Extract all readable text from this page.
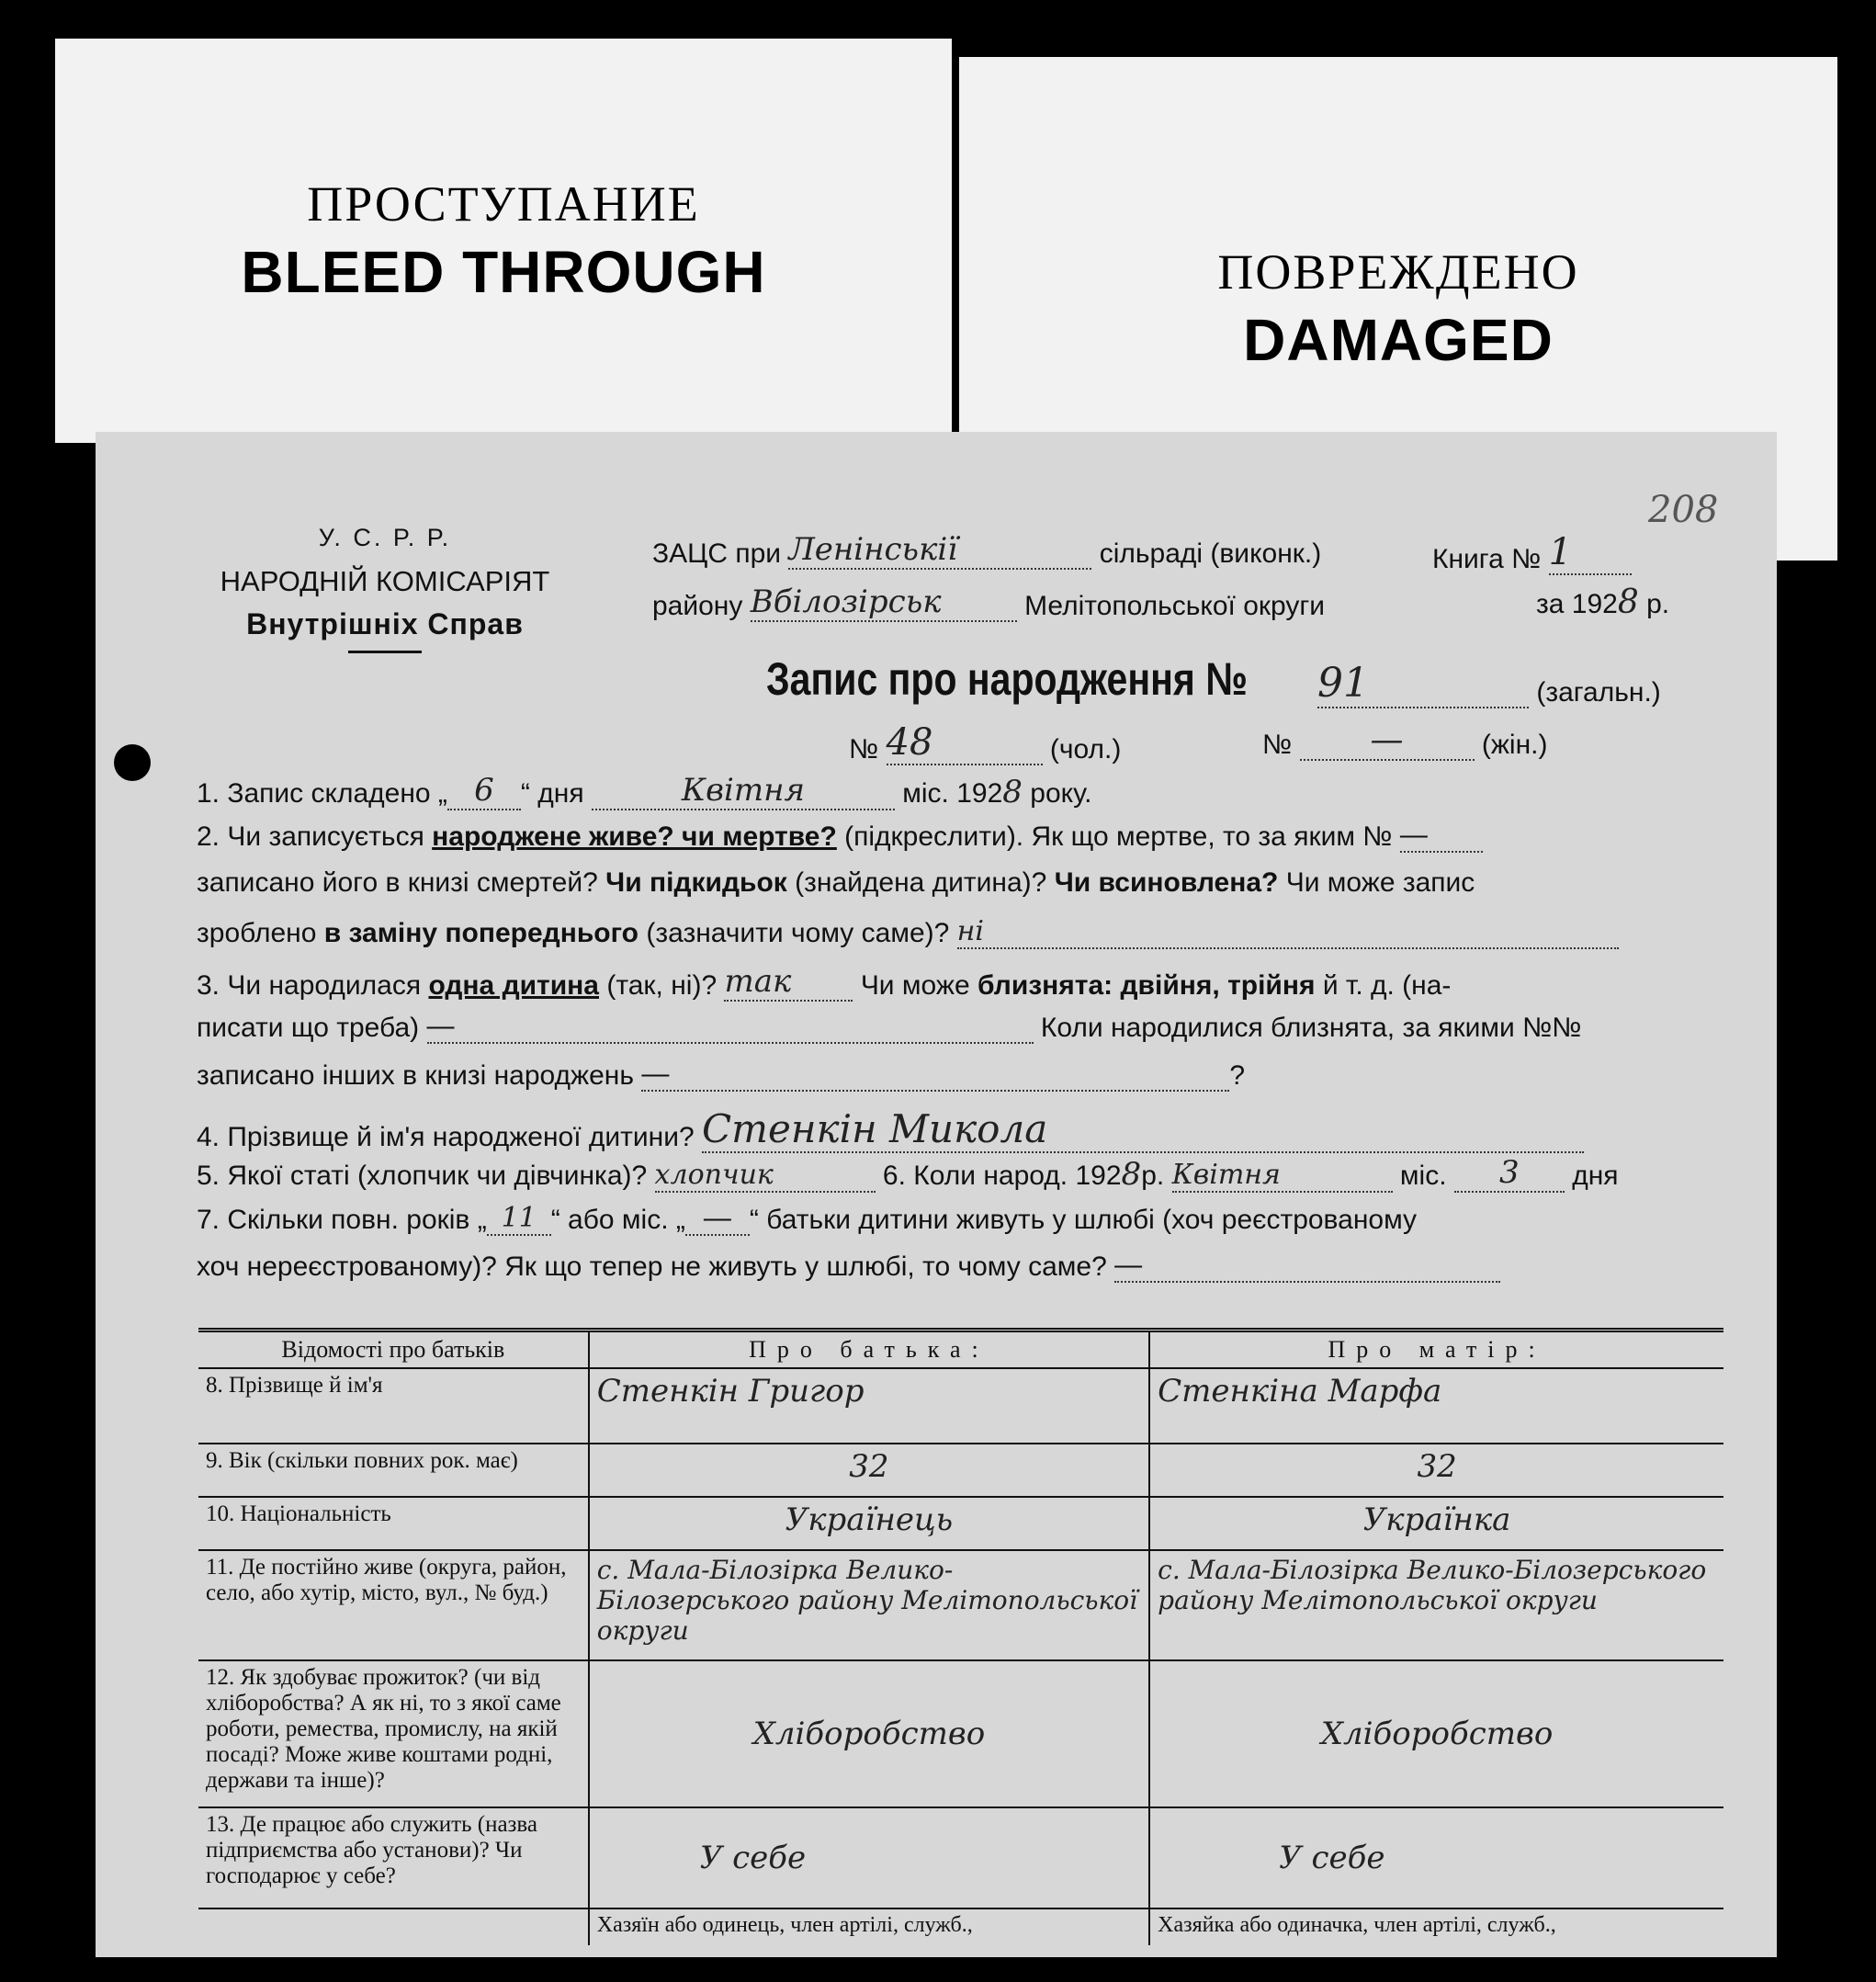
ПРОСТУПАНИЕ
BLEED THROUGH	ПОВРЕЖДЕНО
DAMAGED
У. С. Р. Р.
НАРОДНІЙ КОМІСАРІЯТ
Внутрішніх Справ
ЗАЦС при Ленінськії	сільраді (виконк.)	Книга № 1
208
району Вбілозірськ	Мелітопольської округи	за 1928 р.
Запис про народження № 91	(загальн.)
№ 48	(чол.)	№ —	(жін.)
1. Запис складено „ 6 “ дня	Квітня	міс. 1928 року.
2. Чи записується народжене живе? чи мертве? (підкреслити). Як що мертве, то за яким № —
записано його в книзі смертей? Чи підкидьок (знайдена дитина)? Чи всиновлена? Чи може запис
зроблено в заміну попереднього (зазначити чому саме)? ні
3. Чи народилася одна дитина (так, ні)? так	Чи може близнята: двійня, трійня й т. д. (на-
писати що треба) —	Коли народилися близнята, за якими №№
записано інших в книзі народжень —	?
4. Прізвище й ім'я народженої дитини? Стенкін Микола
5. Якої статі (хлопчик чи дівчинка)? хлопчик	6. Коли народ. 1928р. Квітня	міс. 3 дня
7. Скільки повн. років „ 11 “ або міс. „ — “ батьки дитини живуть у шлюбі (хоч реєстрованому
хоч нереєстрованому)? Як що тепер не живуть у шлюбі, то чому саме? —
Відомості про батьків	Про батька:	Про матір:
8. Прізвище й ім'я	Стенкін Григор	Стенкіна Марфа
9. Вік (скільки повних рок. має)	32	32
10. Національність	Українець	Українка
11. Де постійно живе (округа, район, село, або хутір, місто, вул., № буд.)	с. Мала-Білозірка Велико-Білозерського району Мелітопольської округи	с. Мала-Білозірка Велико-Білозерського району Мелітопольської округи
12. Як здобуває прожиток? (чи від хліборобства? А як ні, то з якої саме роботи, ремества, промислу, на якій посаді? Може живе коштами родні, держави та інше)?	Хліборобство	Хліборобство
13. Де працює або служить (назва підприємства або установи)? Чи господарює у себе?	У себе	У себе
	Хазяїн або одинець, член артілі, служб.,	Хазяйка або одиначка, член артілі, служб.,
